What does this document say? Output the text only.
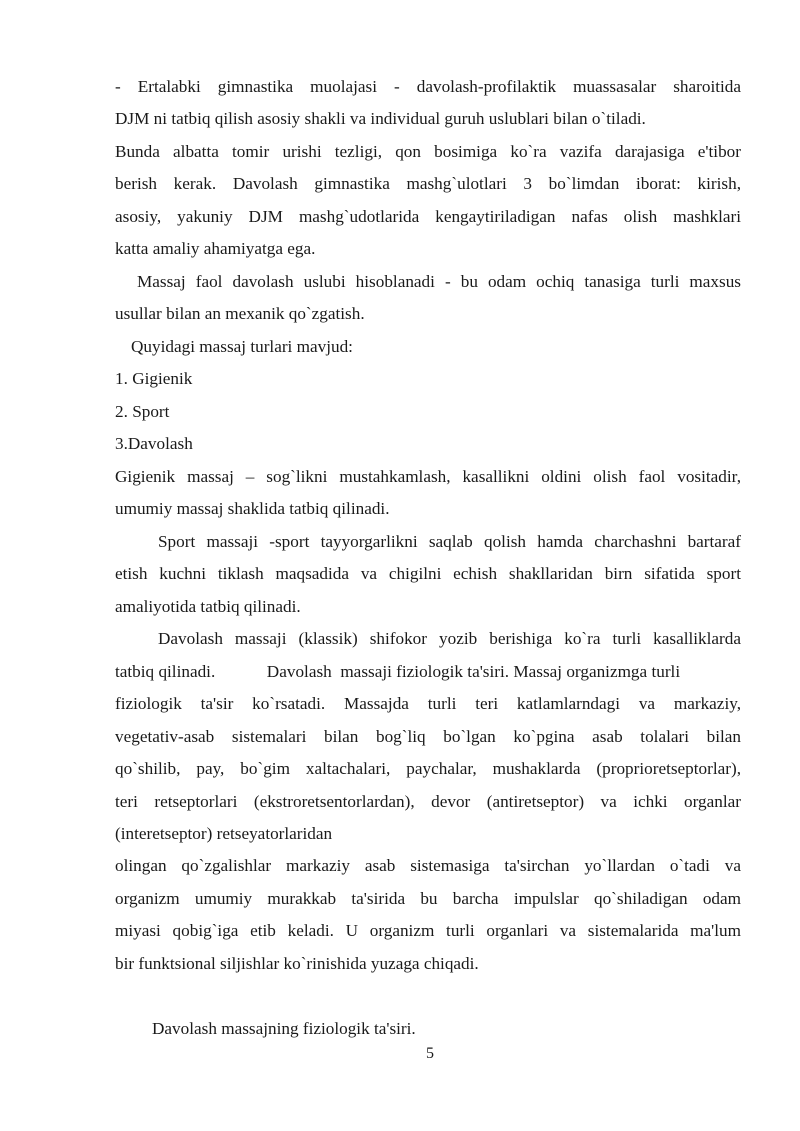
- Ertalabki gimnastika muolajasi - davolash-profilaktik muassasalar sharoitida
DJM ni tatbiq qilish asosiy shakli va individual guruh uslublari bilan o`tiladi.
Bunda albatta tomir urishi tezligi, qon bosimiga ko`ra vazifa darajasiga e'tibor
berish kerak. Davolash gimnastika mashg`ulotlari 3 bo`limdan iborat: kirish,
asosiy, yakuniy DJM mashg`udotlarida kengaytiriladigan nafas olish mashklari
katta amaliy ahamiyatga ega.
Massaj faol davolash uslubi hisoblanadi - bu odam ochiq tanasiga turli maxsus
usullar bilan an mexanik qo`zgatish.
Quyidagi massaj turlari mavjud:
1. Gigienik
2. Sport
3.Davolash
Gigienik massaj – sog`likni mustahkamlash, kasallikni oldini olish faol vositadir,
umumiy massaj shaklida tatbiq qilinadi.
Sport massaji -sport tayyorgarlikni saqlab qolish hamda charchashni bartaraf
etish kuchni tiklash maqsadida va chigilni echish shakllaridan birn sifatida sport
amaliyotida tatbiq qilinadi.
Davolash massaji (klassik) shifokor yozib berishiga ko`ra turli kasalliklarda
tatbiq qilinadi.            Davolash  massaji fiziologik ta'siri. Massaj organizmga turli
fiziologik ta'sir ko`rsatadi. Massajda turli teri katlamlarndagi va markaziy,
vegetativ-asab sistemalari bilan bog`liq bo`lgan ko`pgina asab tolalari bilan
qo`shilib, pay, bo`gim xaltachalari, paychalar, mushaklarda (proprioretseptorlar),
teri retseptorlari (ekstroretsentorlardan), devor (antiretseptor) va ichki organlar
(interetseptor) retseyatorlaridan
olingan qo`zgalishlar markaziy asab sistemasiga ta'sirchan yo`llardan o`tadi va
organizm umumiy murakkab ta'sirida bu barcha impulslar qo`shiladigan odam
miyasi qobig`iga etib keladi. U organizm turli organlari va sistemalarida ma'lum
bir funktsional siljishlar ko`rinishida yuzaga chiqadi.
Davolash massajning fiziologik ta'siri.
5
